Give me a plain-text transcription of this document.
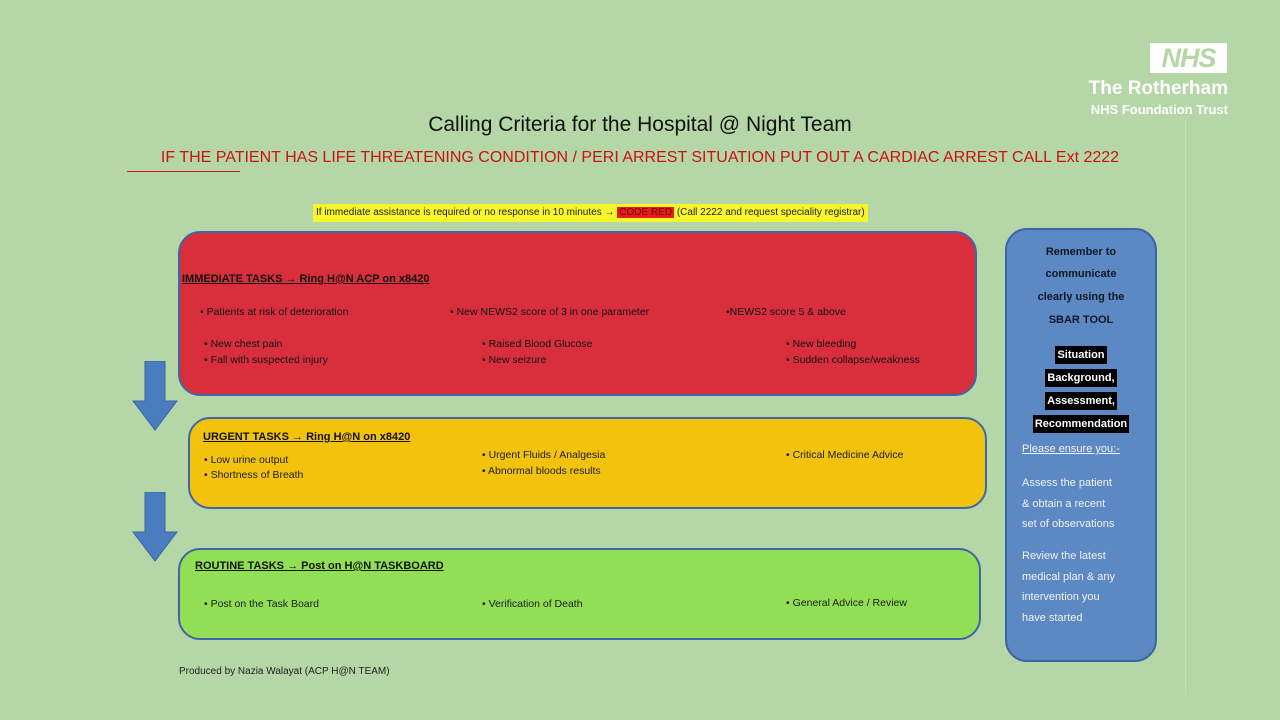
NHS
The Rotherham
NHS Foundation Trust
Calling Criteria for the Hospital @ Night Team
IF THE PATIENT HAS LIFE THREATENING CONDITION / PERI ARREST SITUATION PUT OUT A CARDIAC ARREST CALL Ext 2222
If immediate assistance is required or no response in 10 minutes → CODE RED (Call 2222 and request speciality registrar)
IMMEDIATE TASKS → Ring H@N ACP on x8420
• Patients at risk of deterioration	• New NEWS2 score of 3 in one parameter	•NEWS2 score 5 & above
• New chest pain
• Fall with suspected injury
• Raised Blood Glucose
• New seizure
• New bleeding
• Sudden collapse/weakness
URGENT TASKS → Ring H@N on x8420
• Low urine output
• Shortness of Breath
• Urgent Fluids / Analgesia
• Abnormal bloods results
• Critical Medicine Advice
ROUTINE TASKS → Post on H@N TASKBOARD
• Post on the Task Board	• Verification of Death	• General Advice / Review
Remember to
communicate
clearly using the
SBAR TOOL
Situation
Background,
Assessment,
Recommendation
Please ensure you:-
Assess the patient
& obtain a recent
set of observations
Review the latest
medical plan & any
intervention you
have started
Produced by Nazia Walayat (ACP H@N TEAM)
